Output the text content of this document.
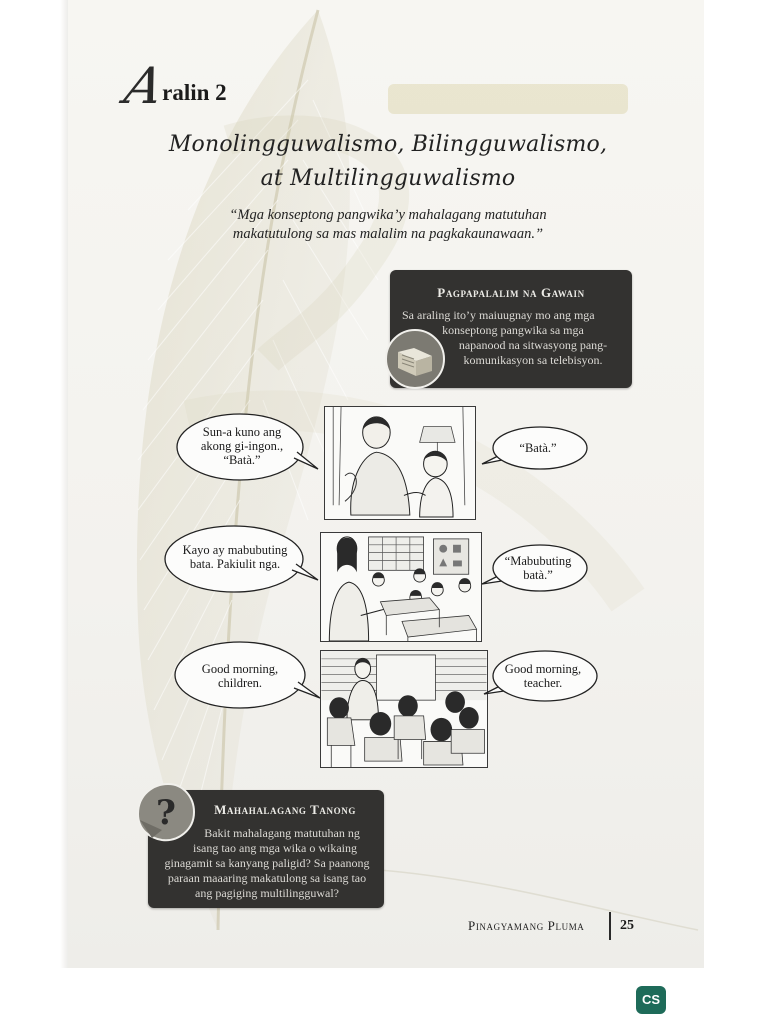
A
ralin 2
Monolingguwalismo, Bilingguwalismo,
at Multilingguwalismo
“Mga konseptong pangwika’y mahalagang matutuhan
makatutulong sa mas malalim na pagkakaunawaan.”
Pagpapalalim na Gawain
Sa araling ito’y maiuugnay mo ang mga
konseptong pangwika sa mga
napanood na sitwasyong pang-
komunikasyon sa telebisyon.
Sun-a kuno ang
akong gi-ingon.,
“Batà.”
“Batà.”
Kayo ay mabubuting
bata. Pakiulit nga.	“Mabubuting
batà.”
Good morning,
children.
Good morning,
teacher.
Mahahalagang Tanong
Bakit mahalagang matutuhan ng
isang tao ang mga wika o wikaing
ginagamit sa kanyang paligid? Sa paanong
paraan maaaring makatulong sa isang tao
ang pagiging multilingguwal?
?
Pinagyamang Pluma	25
CS
